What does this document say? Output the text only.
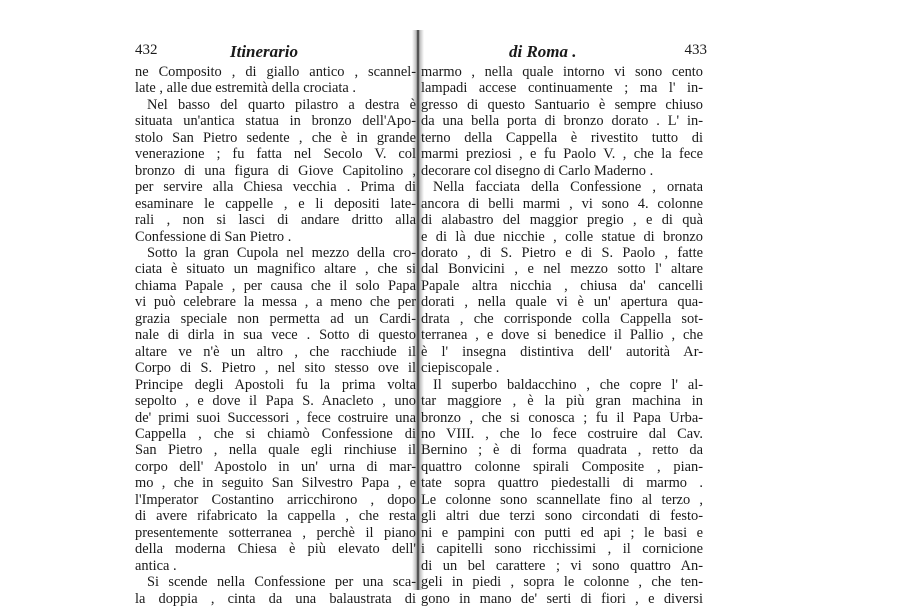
432	Itinerario
ne Composito , di giallo antico , scannel-
late , alle due estremità della crociata .
Nel basso del quarto pilastro a destra è
situata un'antica statua in bronzo dell'Apo-
stolo San Pietro sedente , che è in grande
venerazione ; fu fatta nel Secolo V. col
bronzo di una figura di Giove Capitolino ,
per servire alla Chiesa vecchia . Prima di
esaminare le cappelle , e li depositi late-
rali , non si lasci di andare dritto alla
Confessione di San Pietro .
Sotto la gran Cupola nel mezzo della cro-
ciata è situato un magnifico altare , che si
chiama Papale , per causa che il solo Papa
vi può celebrare la messa , a meno che per
grazia speciale non permetta ad un Cardi-
nale di dirla in sua vece . Sotto di questo
altare ve n'è un altro , che racchiude il
Corpo di S. Pietro , nel sito stesso ove il
Principe degli Apostoli fu la prima volta
sepolto , e dove il Papa S. Anacleto , uno
de' primi suoi Successori , fece costruire una
Cappella , che si chiamò Confessione di
San Pietro , nella quale egli rinchiuse il
corpo dell' Apostolo in un' urna di mar-
mo , che in seguito San Silvestro Papa , e
l'Imperator Costantino arricchirono , dopo
di avere rifabricato la cappella , che resta
presentemente sotterranea , perchè il piano
della moderna Chiesa è più elevato dell'
antica .
Si scende nella Confessione per una sca-
la doppia , cinta da una balaustrata di
di Roma .	433
marmo , nella quale intorno vi sono cento
lampadi accese continuamente ; ma l' in-
gresso di questo Santuario è sempre chiuso
da una bella porta di bronzo dorato . L' in-
terno della Cappella è rivestito tutto di
marmi preziosi , e fu Paolo V. , che la fece
decorare col disegno di Carlo Maderno .
Nella facciata della Confessione , ornata
ancora di belli marmi , vi sono 4. colonne
di alabastro del maggior pregio , e di quà
e di là due nicchie , colle statue di bronzo
dorato , di S. Pietro e di S. Paolo , fatte
dal Bonvicini , e nel mezzo sotto l' altare
Papale altra nicchia , chiusa da' cancelli
dorati , nella quale vi è un' apertura qua-
drata , che corrisponde colla Cappella sot-
terranea , e dove si benedice il Pallio , che
è l' insegna distintiva dell' autorità Ar-
ciepiscopale .
Il superbo baldacchino , che copre l' al-
tar maggiore , è la più gran machina in
bronzo , che si conosca ; fu il Papa Urba-
no VIII. , che lo fece costruire dal Cav.
Bernino ; è di forma quadrata , retto da
quattro colonne spirali Composite , pian-
tate sopra quattro piedestalli di marmo .
Le colonne sono scannellate fino al terzo ,
gli altri due terzi sono circondati di festo-
ni e pampini con putti ed api ; le basi e
i capitelli sono ricchissimi , il cornicione
di un bel carattere ; vi sono quattro An-
geli in piedi , sopra le colonne , che ten-
gono in mano de' serti di fiori , e diversi
